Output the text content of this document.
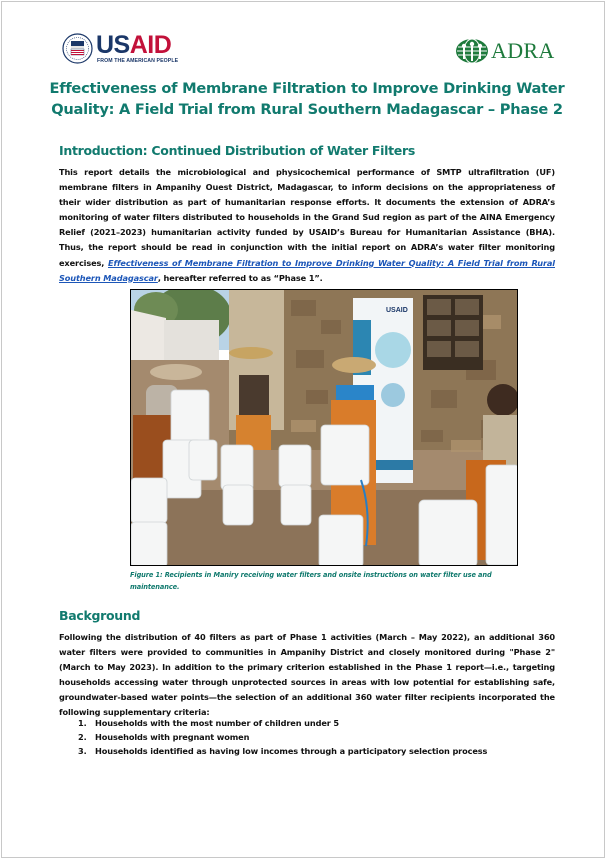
USAID
FROM THE AMERICAN PEOPLE	ADRA
Effectiveness of Membrane Filtration to Improve Drinking Water
Quality: A Field Trial from Rural Southern Madagascar – Phase 2
Introduction: Continued Distribution of Water Filters
This report details the microbiological and physicochemical performance of SMTP ultrafiltration (UF) membrane filters in Ampanihy Ouest District, Madagascar, to inform decisions on the appropriateness of their wider distribution as part of humanitarian response efforts. It documents the extension of ADRA’s monitoring of water filters distributed to households in the Grand Sud region as part of the AINA Emergency Relief (2021–2023) humanitarian activity funded by USAID’s Bureau for Humanitarian Assistance (BHA). Thus, the report should be read in conjunction with the initial report on ADRA’s water filter monitoring exercises, Effectiveness of Membrane Filtration to Improve Drinking Water Quality: A Field Trial from Rural Southern Madagascar, hereafter referred to as “Phase 1”.
USAID
Figure 1: Recipients in Maniry receiving water filters and onsite instructions on water filter use and maintenance.
Background
Following the distribution of 40 filters as part of Phase 1 activities (March – May 2022), an additional 360 water filters were provided to communities in Ampanihy District and closely monitored during "Phase 2" (March to May 2023). In addition to the primary criterion established in the Phase 1 report—i.e., targeting households accessing water through unprotected sources in areas with low potential for establishing safe, groundwater-based water points—the selection of an additional 360 water filter recipients incorporated the following supplementary criteria:
1. Households with the most number of children under 5
2. Households with pregnant women
3. Households identified as having low incomes through a participatory selection process
